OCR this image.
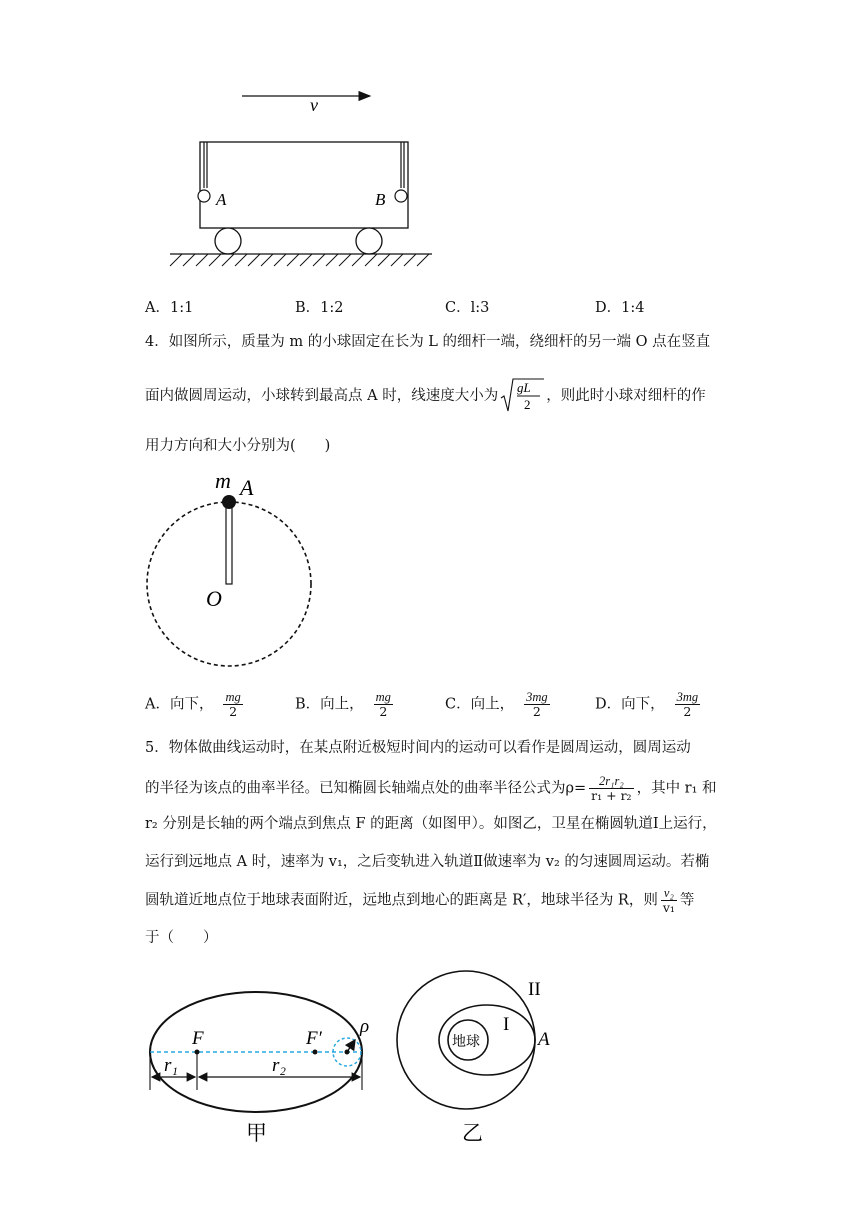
v
A	B
A．1:1	B．1:2	C．l:3	D．1:4
4．如图所示，质量为 m 的小球固定在长为 L 的细杆一端，绕细杆的另一端 O 点在竖直
面内做圆周运动，小球转到最高点 A 时，线速度大小为
gL
2
，则此时小球对细杆的作
用力方向和大小分别为(　　)
m A
O
A．向下， $\frac{mg}{2}$	B．向上， $\frac{mg}{2}$	C．向上， $\frac{3mg}{2}$	D．向下， $\frac{3mg}{2}$
5．物体做曲线运动时，在某点附近极短时间内的运动可以看作是圆周运动，圆周运动
的半径为该点的曲率半径。已知椭圆长轴端点处的曲率半径公式为$\rho= \frac{\text{2r₁r₂}}{\text{r₁ + r₂}}$ ，其中 r₁ 和
r₂ 分别是长轴的两个端点到焦点 F 的距离（如图甲）。如图乙，卫星在椭圆轨道Ⅰ上运行，
运行到远地点 A 时，速率为 v₁，之后变轨进入轨道Ⅱ做速率为 v₂ 的匀速圆周运动。若椭
圆轨道近地点位于地球表面附近，远地点到地心的距离是 R′，地球半径为 R，则 $\frac{\text{v₂}}{\text{v₁}}$ 等
于（　　）
F	F′
ρ
r₁	r₂
甲
地球
I
II
A
乙
